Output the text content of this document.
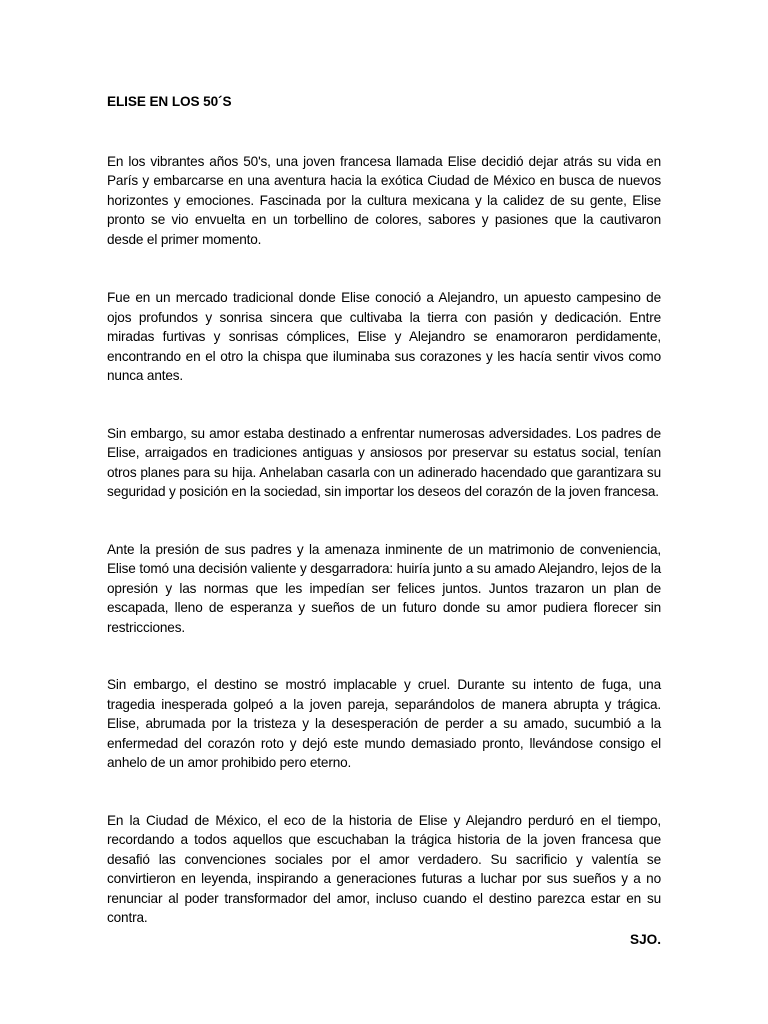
ELISE EN LOS 50´S

En los vibrantes años 50's, una joven francesa llamada Elise decidió dejar atrás su vida en París y embarcarse en una aventura hacia la exótica Ciudad de México en busca de nuevos horizontes y emociones. Fascinada por la cultura mexicana y la calidez de su gente, Elise pronto se vio envuelta en un torbellino de colores, sabores y pasiones que la cautivaron desde el primer momento.

Fue en un mercado tradicional donde Elise conoció a Alejandro, un apuesto campesino de ojos profundos y sonrisa sincera que cultivaba la tierra con pasión y dedicación. Entre miradas furtivas y sonrisas cómplices, Elise y Alejandro se enamoraron perdidamente, encontrando en el otro la chispa que iluminaba sus corazones y les hacía sentir vivos como nunca antes.

Sin embargo, su amor estaba destinado a enfrentar numerosas adversidades. Los padres de Elise, arraigados en tradiciones antiguas y ansiosos por preservar su estatus social, tenían otros planes para su hija. Anhelaban casarla con un adinerado hacendado que garantizara su seguridad y posición en la sociedad, sin importar los deseos del corazón de la joven francesa.

Ante la presión de sus padres y la amenaza inminente de un matrimonio de conveniencia, Elise tomó una decisión valiente y desgarradora: huiría junto a su amado Alejandro, lejos de la opresión y las normas que les impedían ser felices juntos. Juntos trazaron un plan de escapada, lleno de esperanza y sueños de un futuro donde su amor pudiera florecer sin restricciones.

Sin embargo, el destino se mostró implacable y cruel. Durante su intento de fuga, una tragedia inesperada golpeó a la joven pareja, separándolos de manera abrupta y trágica. Elise, abrumada por la tristeza y la desesperación de perder a su amado, sucumbió a la enfermedad del corazón roto y dejó este mundo demasiado pronto, llevándose consigo el anhelo de un amor prohibido pero eterno.

En la Ciudad de México, el eco de la historia de Elise y Alejandro perduró en el tiempo, recordando a todos aquellos que escuchaban la trágica historia de la joven francesa que desafió las convenciones sociales por el amor verdadero. Su sacrificio y valentía se convirtieron en leyenda, inspirando a generaciones futuras a luchar por sus sueños y a no renunciar al poder transformador del amor, incluso cuando el destino parezca estar en su contra.

SJO.
